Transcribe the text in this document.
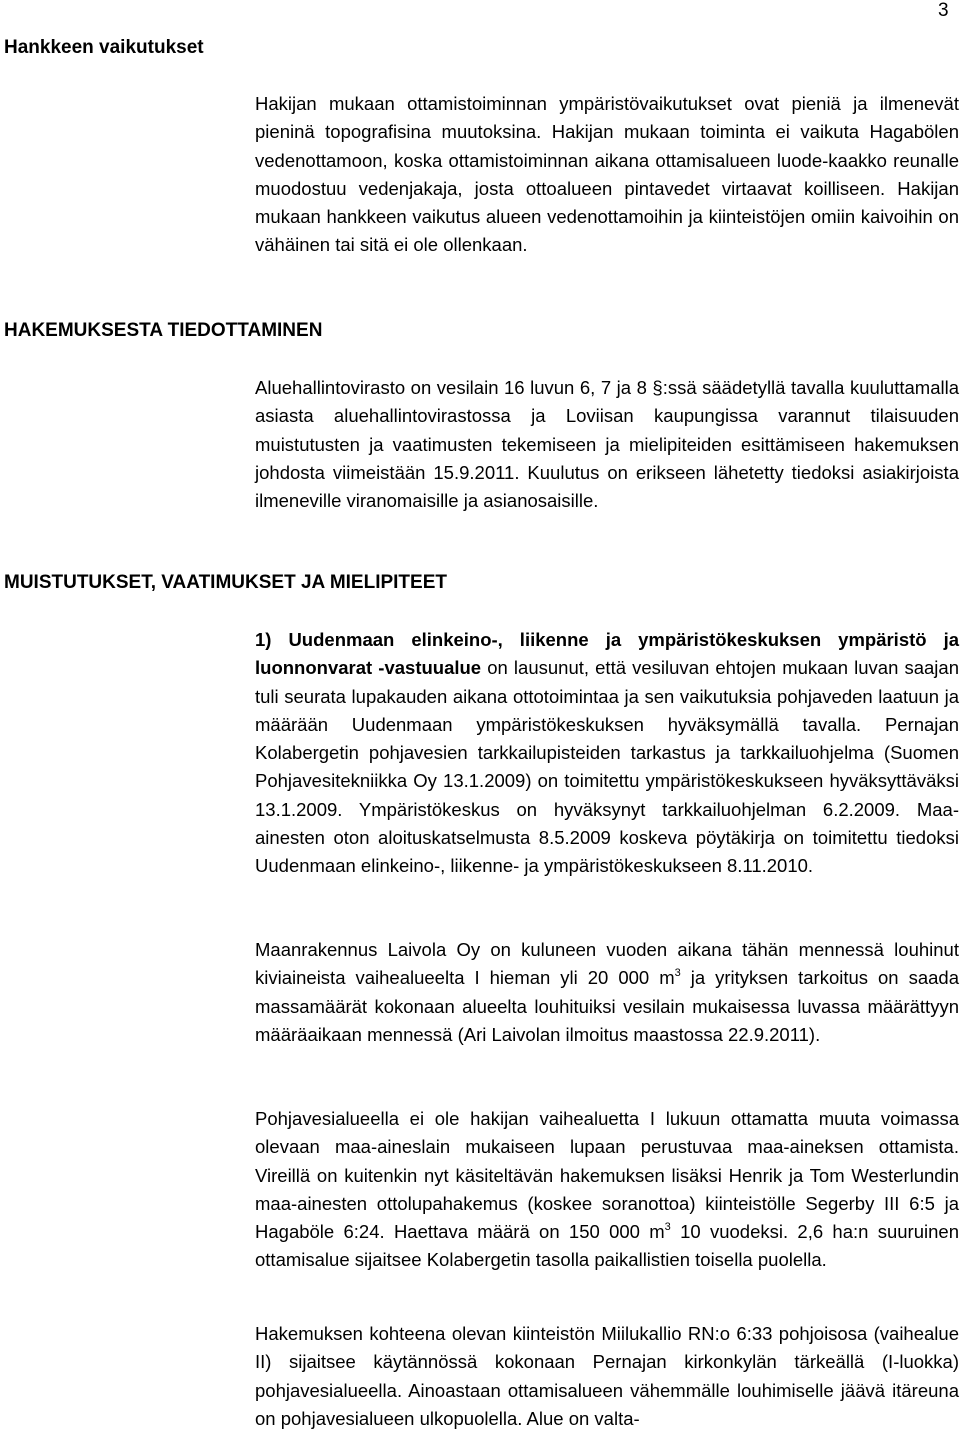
3
Hankkeen vaikutukset

Hakijan mukaan ottamistoiminnan ympäristövaikutukset ovat pieniä ja ilmenevät pieninä topografisina muutoksina. Hakijan mukaan toiminta ei vaikuta Hagabölen vedenottamoon, koska ottamistoiminnan aikana ottamisalueen luode-kaakko reunalle muodostuu vedenjakaja, josta ottoalueen pintavedet virtaavat koilliseen. Hakijan mukaan hankkeen vaikutus alueen vedenottamoihin ja kiinteistöjen omiin kaivoihin on vähäinen tai sitä ei ole ollenkaan.

HAKEMUKSESTA TIEDOTTAMINEN

Aluehallintovirasto on vesilain 16 luvun 6, 7 ja 8 §:ssä säädetyllä tavalla kuuluttamalla asiasta aluehallintovirastossa ja Loviisan kaupungissa varannut tilaisuuden muistutusten ja vaatimusten tekemiseen ja mielipiteiden esittämiseen hakemuksen johdosta viimeistään 15.9.2011. Kuulutus on erikseen lähetetty tiedoksi asiakirjoista ilmeneville viranomaisille ja asianosaisille.

MUISTUTUKSET, VAATIMUKSET JA MIELIPITEET

1) Uudenmaan elinkeino-, liikenne ja ympäristökeskuksen ympäristö ja luonnonvarat -vastuualue on lausunut, että vesiluvan ehtojen mukaan luvan saajan tuli seurata lupakauden aikana ottotoimintaa ja sen vaikutuksia pohjaveden laatuun ja määrään Uudenmaan ympäristökeskuksen hyväksymällä tavalla. Pernajan Kolabergetin pohjavesien tarkkailupisteiden tarkastus ja tarkkailuohjelma (Suomen Pohjavesitekniikka Oy 13.1.2009) on toimitettu ympäristökeskukseen hyväksyttäväksi 13.1.2009. Ympäristökeskus on hyväksynyt tarkkailuohjelman 6.2.2009. Maa-ainesten oton aloituskatselmusta 8.5.2009 koskeva pöytäkirja on toimitettu tiedoksi Uudenmaan elinkeino-, liikenne- ja ympäristökeskukseen 8.11.2010.

Maanrakennus Laivola Oy on kuluneen vuoden aikana tähän mennessä louhinut kiviaineista vaihealueelta I hieman yli 20 000 $m^3$ ja yrityksen tarkoitus on saada massamäärät kokonaan alueelta louhituiksi vesilain mukaisessa luvassa määrättyyn määräaikaan mennessä (Ari Laivolan ilmoitus maastossa 22.9.2011).

Pohjavesialueella ei ole hakijan vaihealuetta I lukuun ottamatta muuta voimassa olevaan maa-aineslain mukaiseen lupaan perustuvaa maa-aineksen ottamista. Vireillä on kuitenkin nyt käsiteltävän hakemuksen lisäksi Henrik ja Tom Westerlundin maa-ainesten ottolupahakemus (koskee soranottoa) kiinteistölle Segerby III 6:5 ja Hagaböle 6:24. Haettava määrä on 150 000 $m^3$ 10 vuodeksi. 2,6 ha:n suuruinen ottamisalue sijaitsee Kolabergetin tasolla paikallistien toisella puolella.

Hakemuksen kohteena olevan kiinteistön Miilukallio RN:o 6:33 pohjoisosa (vaihealue II) sijaitsee käytännössä kokonaan Pernajan kirkonkylän tärkeällä (I-luokka) pohjavesialueella. Ainoastaan ottamisalueen vähemmälle louhimiselle jäävä itäreuna on pohjavesialueen ulkopuolella. Alue on valta-
